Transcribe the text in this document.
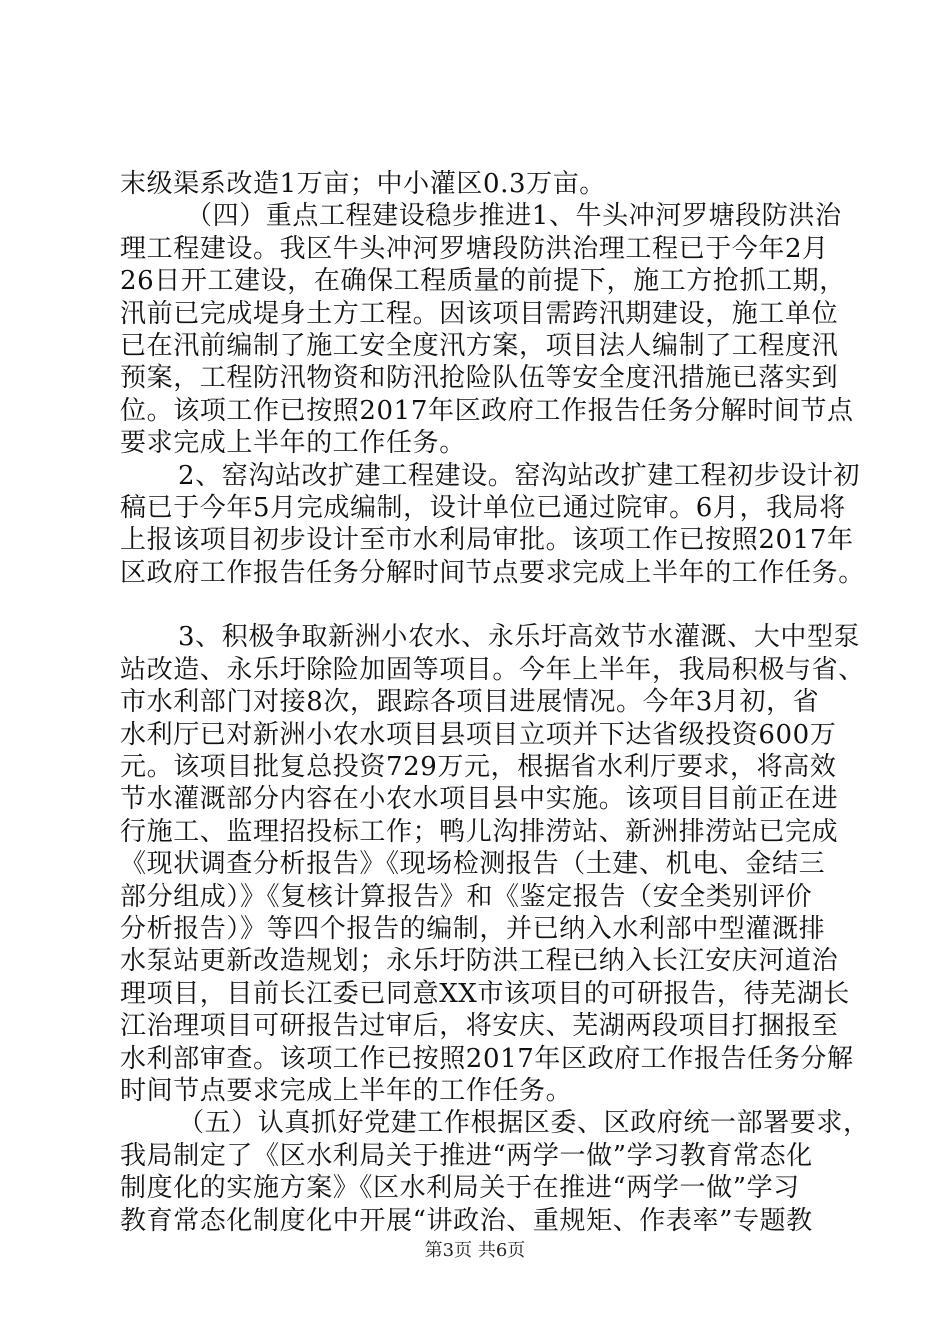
末级渠系改造1万亩；中小灌区0.3万亩。
（四）重点工程建设稳步推进1、牛头冲河罗塘段防洪治
理工程建设。我区牛头冲河罗塘段防洪治理工程已于今年2月
26日开工建设，在确保工程质量的前提下，施工方抢抓工期，
汛前已完成堤身土方工程。因该项目需跨汛期建设，施工单位
已在汛前编制了施工安全度汛方案，项目法人编制了工程度汛
预案，工程防汛物资和防汛抢险队伍等安全度汛措施已落实到
位。该项工作已按照2017年区政府工作报告任务分解时间节点
要求完成上半年的工作任务。
2、窑沟站改扩建工程建设。窑沟站改扩建工程初步设计初
稿已于今年5月完成编制，设计单位已通过院审。6月，我局将
上报该项目初步设计至市水利局审批。该项工作已按照2017年
区政府工作报告任务分解时间节点要求完成上半年的工作任务。
3、积极争取新洲小农水、永乐圩高效节水灌溉、大中型泵
站改造、永乐圩除险加固等项目。今年上半年，我局积极与省、
市水利部门对接8次，跟踪各项目进展情况。今年3月初，省
水利厅已对新洲小农水项目县项目立项并下达省级投资600万
元。该项目批复总投资729万元，根据省水利厅要求，将高效
节水灌溉部分内容在小农水项目县中实施。该项目目前正在进
行施工、监理招投标工作；鸭儿沟排涝站、新洲排涝站已完成
《现状调查分析报告》《现场检测报告（土建、机电、金结三
部分组成）》《复核计算报告》和《鉴定报告（安全类别评价
分析报告）》等四个报告的编制，并已纳入水利部中型灌溉排
水泵站更新改造规划；永乐圩防洪工程已纳入长江安庆河道治
理项目，目前长江委已同意XX市该项目的可研报告，待芜湖长
江治理项目可研报告过审后，将安庆、芜湖两段项目打捆报至
水利部审查。该项工作已按照2017年区政府工作报告任务分解
时间节点要求完成上半年的工作任务。
（五）认真抓好党建工作根据区委、区政府统一部署要求，
我局制定了《区水利局关于推进“两学一做”学习教育常态化
制度化的实施方案》《区水利局关于在推进“两学一做”学习
教育常态化制度化中开展“讲政治、重规矩、作表率”专题教
第3页 共6页
